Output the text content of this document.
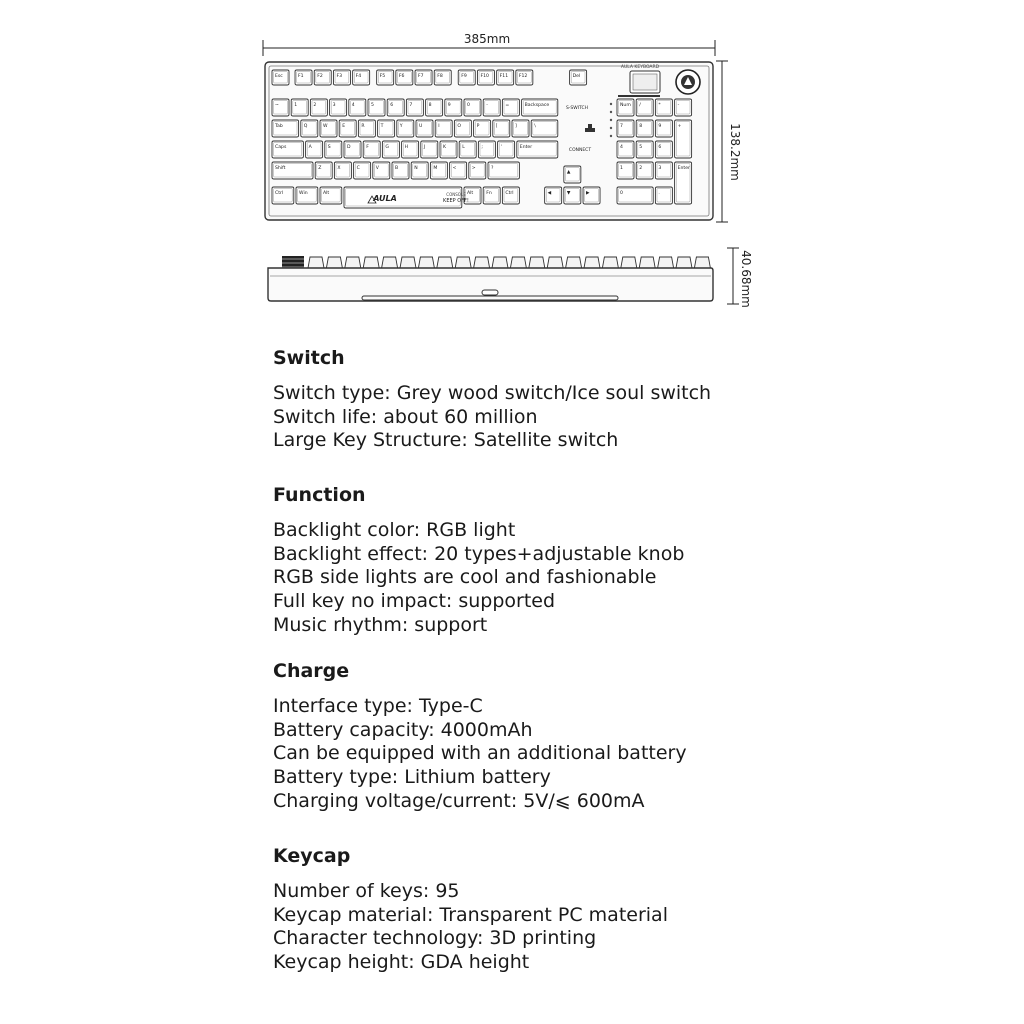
385mm
138.2mm
Esc	F1	F2	F3	F4	F5	F6	F7	F8	F9	F10 F11 F12	Del
~	1	2	3	4	5	6	7	8	9	0	-	=	Backspace
Tab	Q	W	E	R	T	Y	U	I	O	P	[	]	\
Caps	A	S	D	F	G	H	J	K	L	;	'	Enter
Shift	Z	X	C	V	B	N	M	<	>	?
Ctrl	Win	Alt	Alt	Fn	Ctrl
▲
◀	▼	▶
Num /	*	-
7	8	9	+
4	5	6
1	2	3	Enter
0	.
AULA KEYBOARD
AULA	CONSOLE
KEEP OFF!
S-SWITCH
CONNECT
40.68mm
Switch
Switch type: Grey wood switch/Ice soul switch
Switch life: about 60 million
Large Key Structure: Satellite switch
Function
Backlight color: RGB light
Backlight effect: 20 types+adjustable knob
RGB side lights are cool and fashionable
Full key no impact: supported
Music rhythm: support
Charge
Interface type: Type-C
Battery capacity: 4000mAh
Can be equipped with an additional battery
Battery type: Lithium battery
Charging voltage/current: 5V/⩽ 600mA
Keycap
Number of keys: 95
Keycap material: Transparent PC material
Character technology: 3D printing
Keycap height: GDA height
